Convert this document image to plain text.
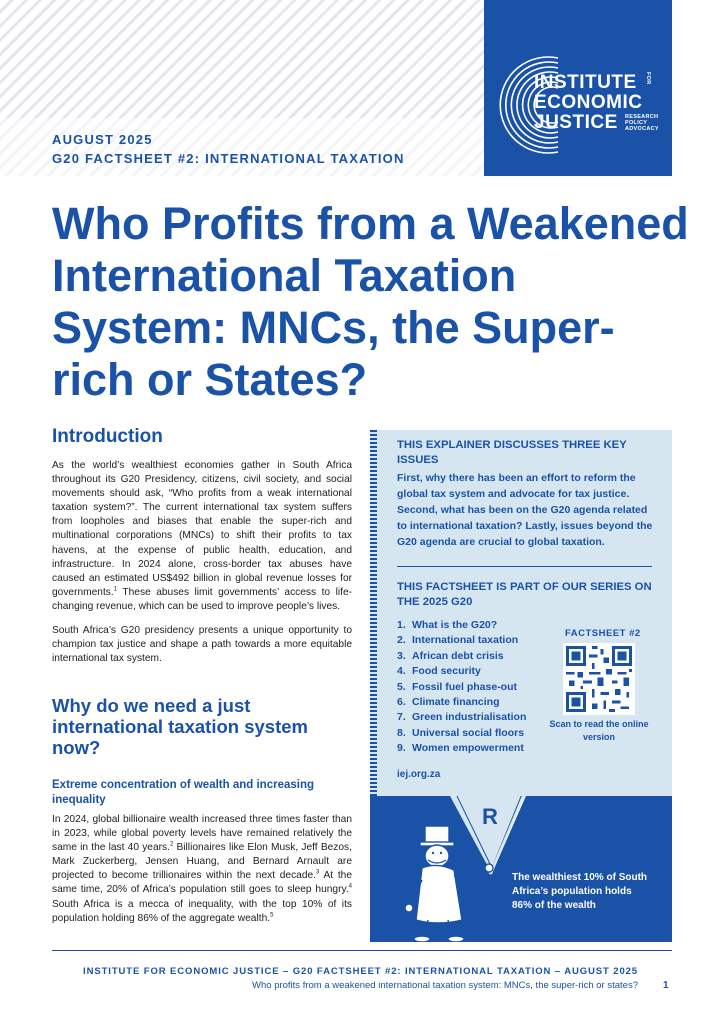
INSTITUTE
ECONOMIC
JUSTICE
FOR
RESEARCH
POLICY
ADVOCACY
AUGUST 2025
G20 FACTSHEET #2: INTERNATIONAL TAXATION
Who Profits from a Weakened International Taxation System: MNCs, the Super-rich or States?
Introduction

As the world’s wealthiest economies gather in South Africa throughout its G20 Presidency, citizens, civil society, and social movements should ask, “Who profits from a weak international taxation system?”. The current international tax system suffers from loopholes and biases that enable the super-rich and multinational corporations (MNCs) to shift their profits to tax havens, at the expense of public health, education, and infrastructure. In 2024 alone, cross-border tax abuses have caused an estimated US$492 billion in global revenue losses for governments.$^1$ These abuses limit governments’ access to life-changing revenue, which can be used to improve people’s lives.

South Africa’s G20 presidency presents a unique opportunity to champion tax justice and shape a path towards a more equitable international tax system.

Why do we need a just international taxation system now?
Extreme concentration of wealth and increasing inequality

In 2024, global billionaire wealth increased three times faster than in 2023, while global poverty levels have remained relatively the same in the last 40 years.$^2$ Billionaires like Elon Musk, Jeff Bezos, Mark Zuckerberg, Jensen Huang, and Bernard Arnault are projected to become trillionaires within the next decade.$^3$ At the same time, 20% of Africa’s population still goes to sleep hungry.$^4$ South Africa is a mecca of inequality, with the top 10% of its population holding 86% of the aggregate wealth.$^5$

THIS EXPLAINER DISCUSSES THREE KEY ISSUES

First, why there has been an effort to reform the global tax system and advocate for tax justice. Second, what has been on the G20 agenda related to international taxation? Lastly, issues beyond the G20 agenda are crucial to global taxation.

THIS FACTSHEET IS PART OF OUR SERIES ON THE 2025 G20
1. What is the G20?
2. International taxation
3. African debt crisis
4. Food security
5. Fossil fuel phase-out
6. Climate financing
7. Green industrialisation
8. Universal social floors
9. Women empowerment
FACTSHEET #2
Scan to read the online version
iej.org.za
R

The wealthiest 10% of South Africa’s population holds 86% of the wealth

INSTITUTE FOR ECONOMIC JUSTICE – G20 FACTSHEET #2: INTERNATIONAL TAXATION – AUGUST 2025
Who profits from a weakened international taxation system: MNCs, the super-rich or states?	1
